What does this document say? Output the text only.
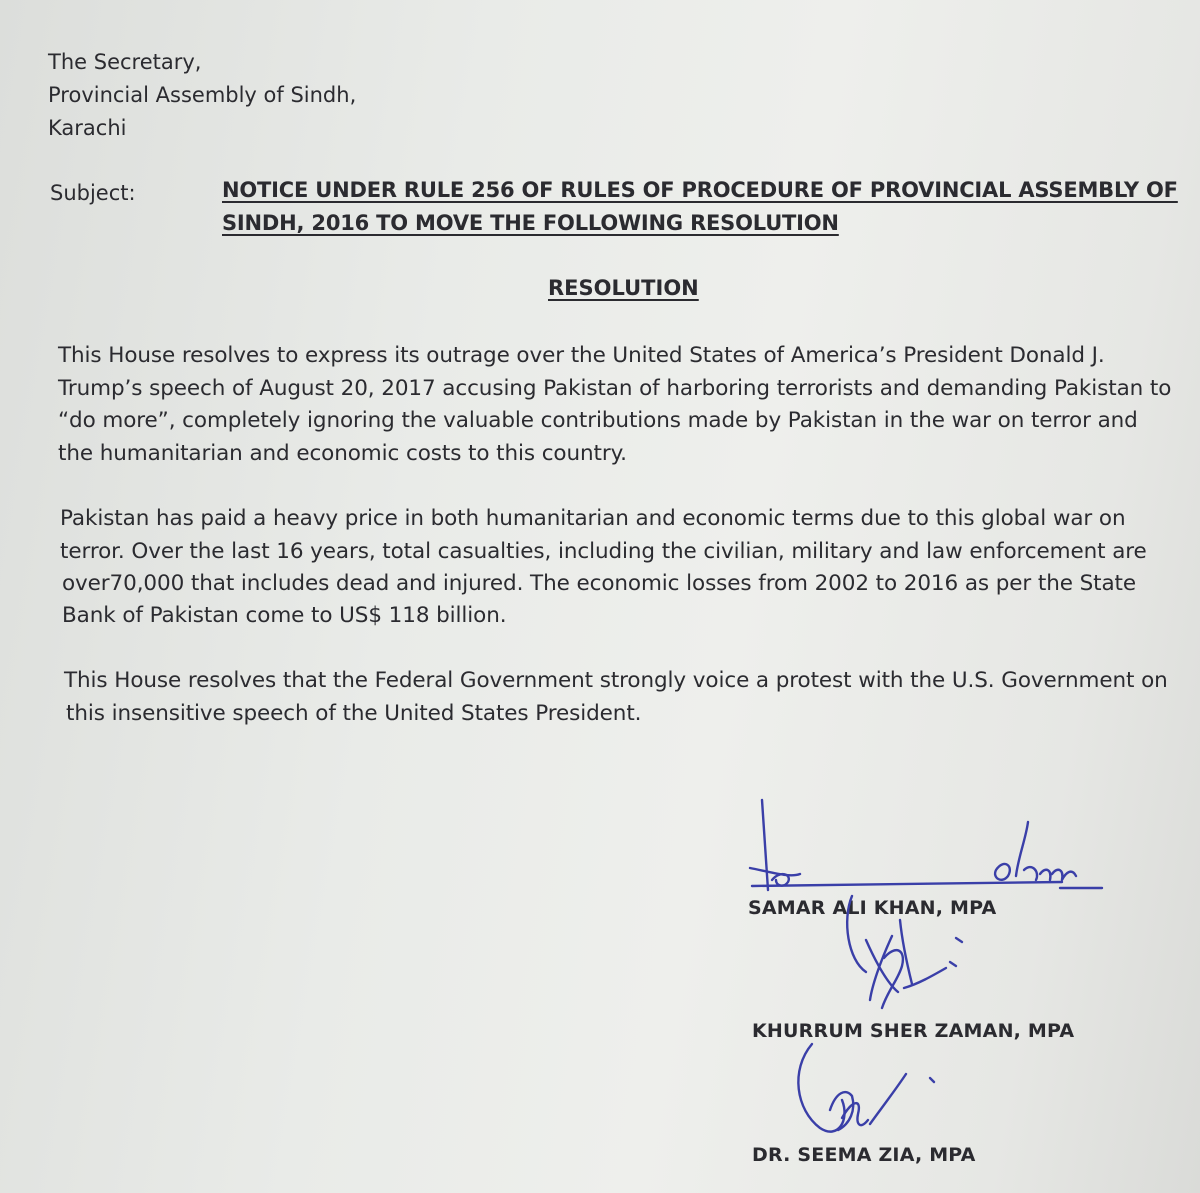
The Secretary,
Provincial Assembly of Sindh,
Karachi
Subject:	NOTICE UNDER RULE 256 OF RULES OF PROCEDURE OF PROVINCIAL ASSEMBLY OF
SINDH, 2016 TO MOVE THE FOLLOWING RESOLUTION
RESOLUTION
This House resolves to express its outrage over the United States of America’s President Donald J.
Trump’s speech of August 20, 2017 accusing Pakistan of harboring terrorists and demanding Pakistan to
“do more”, completely ignoring the valuable contributions made by Pakistan in the war on terror and
the humanitarian and economic costs to this country.
Pakistan has paid a heavy price in both humanitarian and economic terms due to this global war on
terror. Over the last 16 years, total casualties, including the civilian, military and law enforcement are
over70,000 that includes dead and injured. The economic losses from 2002 to 2016 as per the State
Bank of Pakistan come to US$ 118 billion.
This House resolves that the Federal Government strongly voice a protest with the U.S. Government on
this insensitive speech of the United States President.
SAMAR ALI KHAN, MPA
KHURRUM SHER ZAMAN, MPA
DR. SEEMA ZIA, MPA
